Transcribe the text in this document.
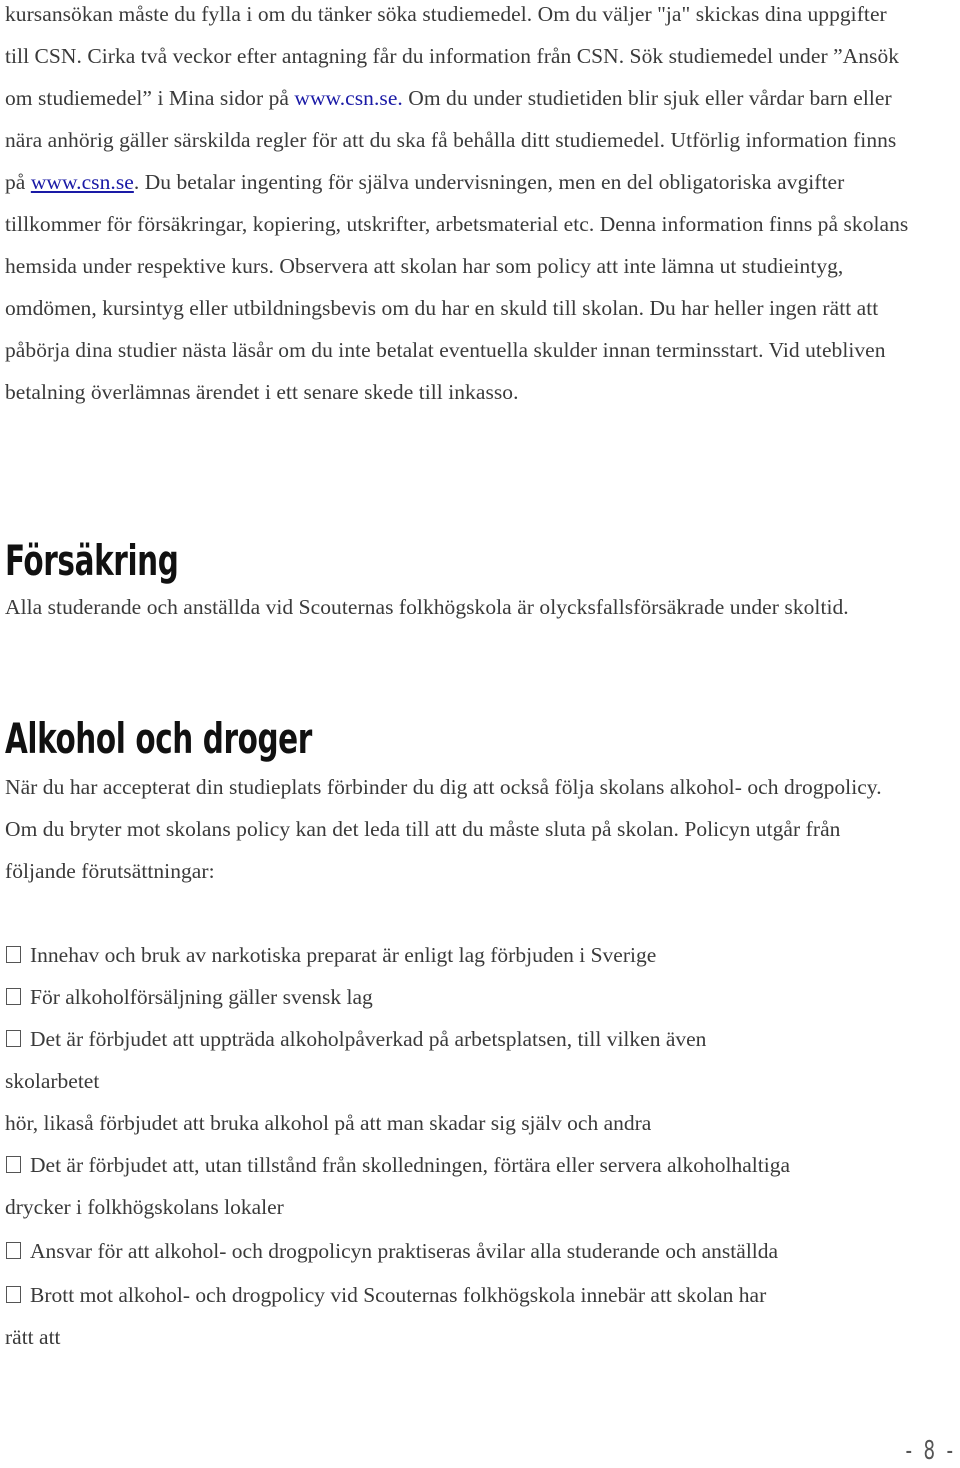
kursansökan måste du fylla i om du tänker söka studiemedel. Om du väljer "ja" skickas dina uppgifter till CSN. Cirka två veckor efter antagning får du information från CSN. Sök studiemedel under ”Ansök om studiemedel” i Mina sidor på www.csn.se. Om du under studietiden blir sjuk eller vårdar barn eller nära anhörig gäller särskilda regler för att du ska få behålla ditt studiemedel. Utförlig information finns på www.csn.se. Du betalar ingenting för själva undervisningen, men en del obligatoriska avgifter tillkommer för försäkringar, kopiering, utskrifter, arbetsmaterial etc. Denna information finns på skolans hemsida under respektive kurs. Observera att skolan har som policy att inte lämna ut studieintyg, omdömen, kursintyg eller utbildningsbevis om du har en skuld till skolan. Du har heller ingen rätt att påbörja dina studier nästa läsår om du inte betalat eventuella skulder innan terminsstart. Vid utebliven betalning överlämnas ärendet i ett senare skede till inkasso.

Försäkring

Alla studerande och anställda vid Scouternas folkhögskola är olycksfallsförsäkrade under skoltid.

Alkohol och droger

När du har accepterat din studieplats förbinder du dig att också följa skolans alkohol- och drogpolicy. Om du bryter mot skolans policy kan det leda till att du måste sluta på skolan. Policyn utgår från följande förutsättningar:

Innehav och bruk av narkotiska preparat är enligt lag förbjuden i Sverige

För alkoholförsäljning gäller svensk lag

Det är förbjudet att uppträda alkoholpåverkad på arbetsplatsen, till vilken även

skolarbetet

hör, likaså förbjudet att bruka alkohol på att man skadar sig själv och andra

Det är förbjudet att, utan tillstånd från skolledningen, förtära eller servera alkoholhaltiga

drycker i folkhögskolans lokaler

Ansvar för att alkohol- och drogpolicyn praktiseras åvilar alla studerande och anställda

Brott mot alkohol- och drogpolicy vid Scouternas folkhögskola innebär att skolan har

rätt att

- 8 -
